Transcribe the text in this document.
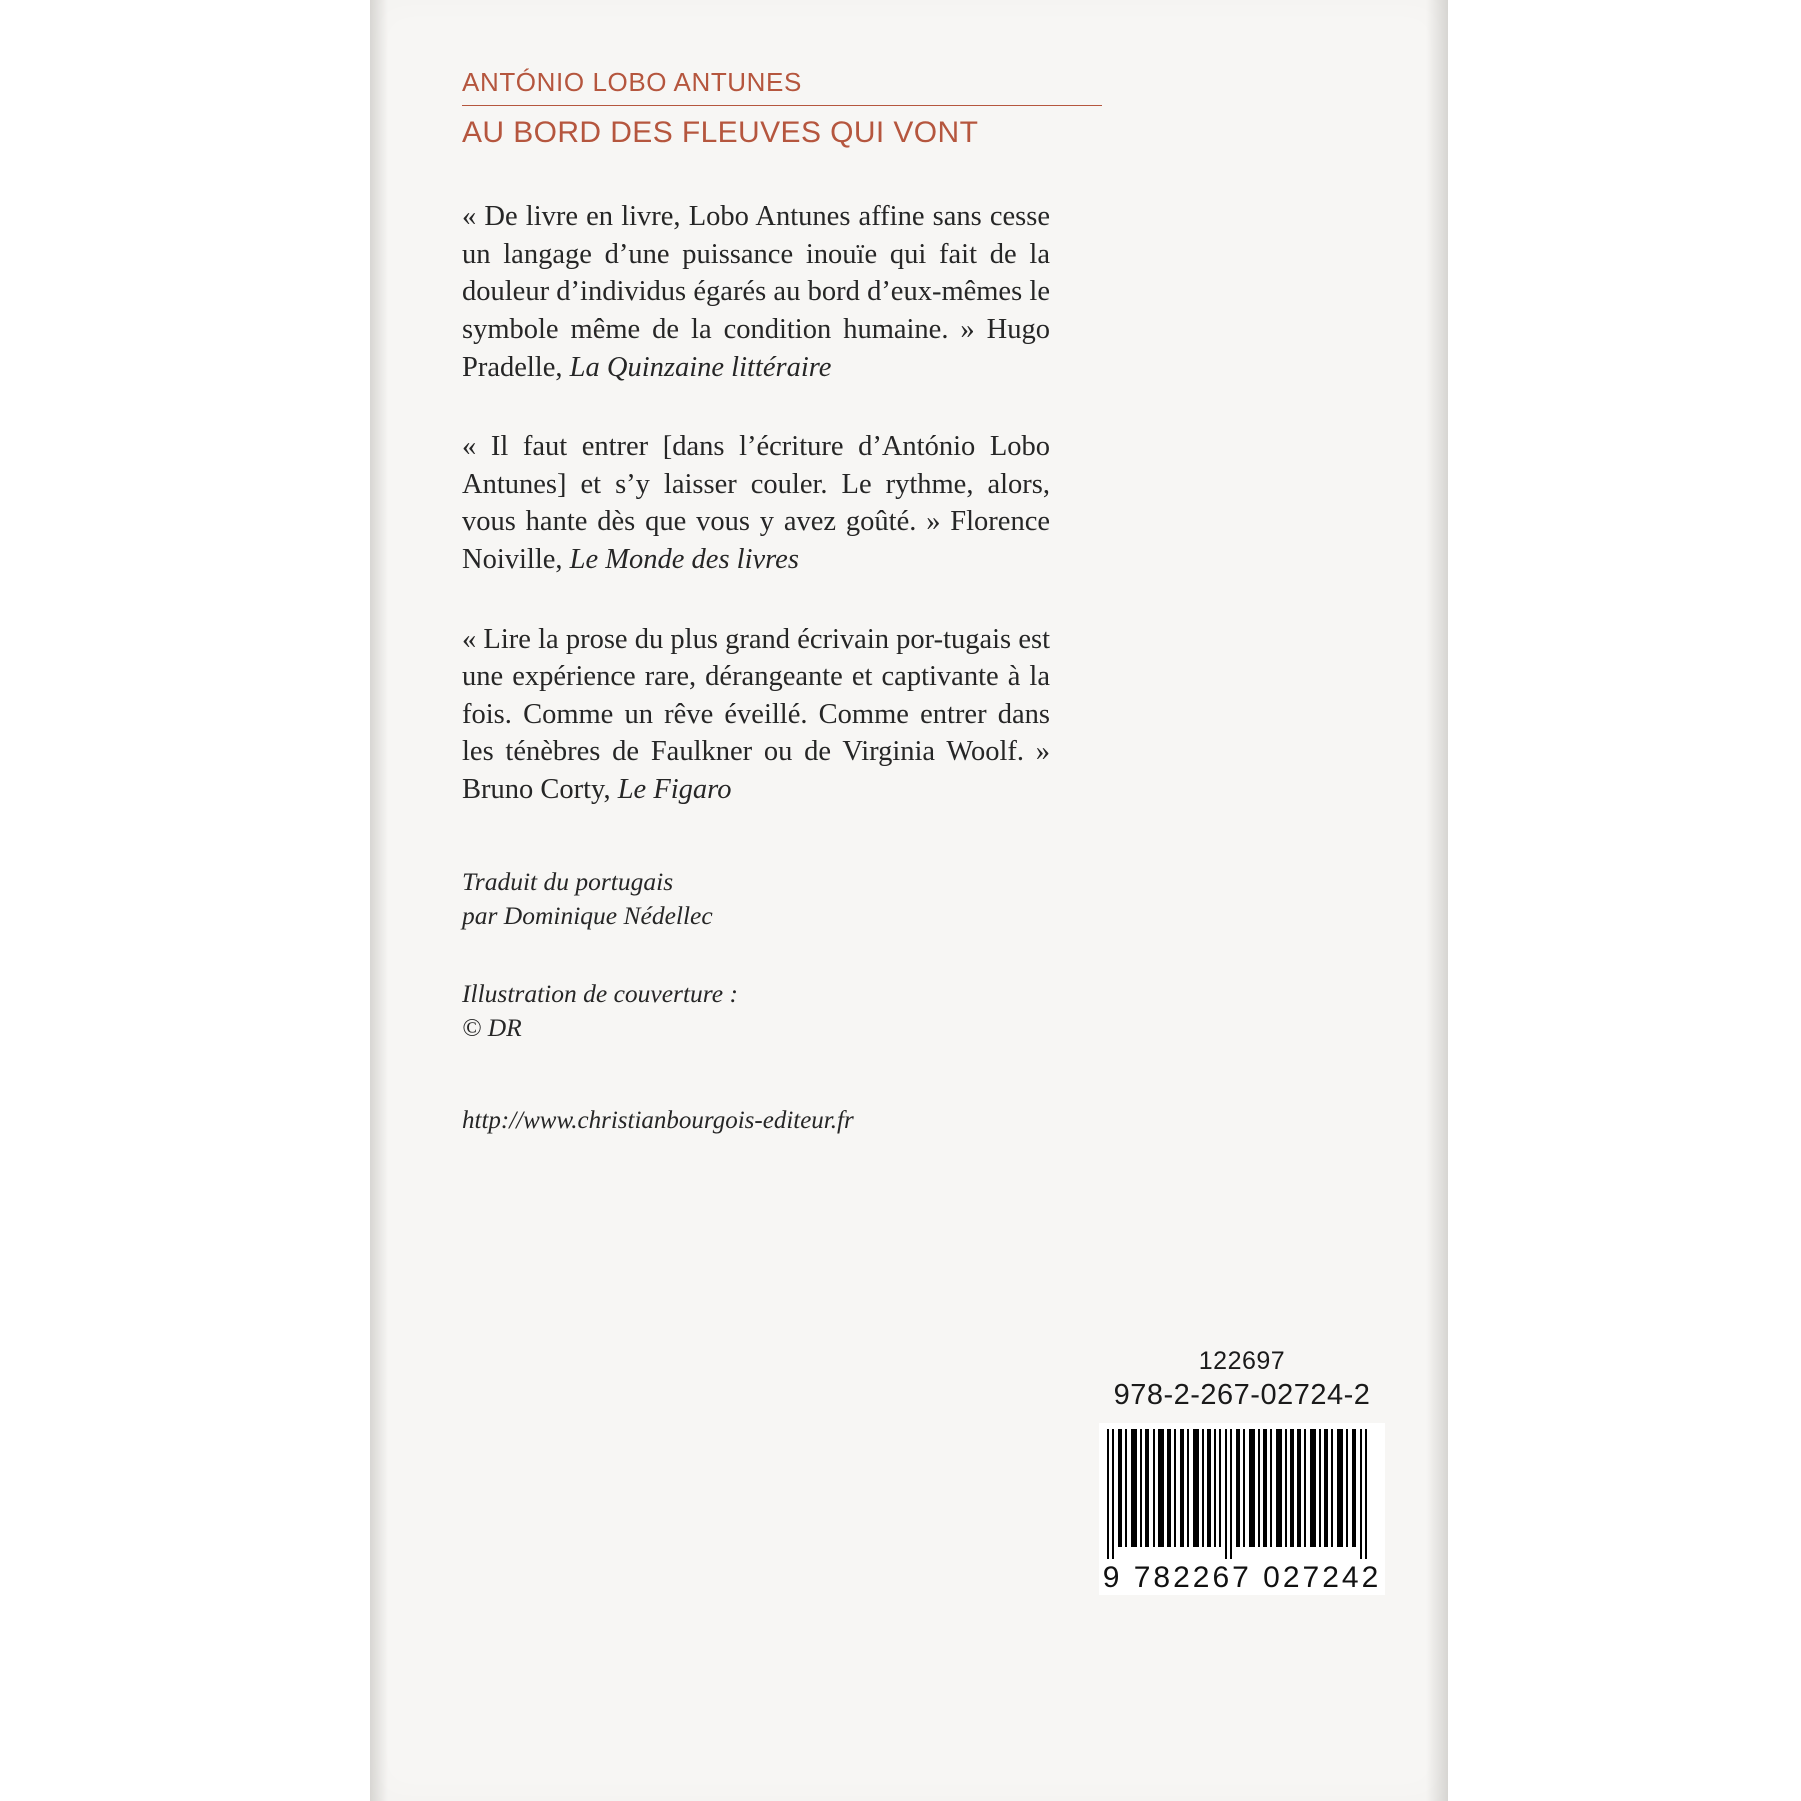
ANTÓNIO LOBO ANTUNES
AU BORD DES FLEUVES QUI VONT

« De livre en livre, Lobo Antunes affine sans cesse un langage d’une puissance inouïe qui fait de la douleur d’individus égarés au bord d’eux-mêmes le symbole même de la condition humaine. » Hugo Pradelle, La Quinzaine littéraire

« Il faut entrer [dans l’écriture d’António Lobo Antunes] et s’y laisser couler. Le rythme, alors, vous hante dès que vous y avez goûté. » Florence Noiville, Le Monde des livres

« Lire la prose du plus grand écrivain por-tugais est une expérience rare, dérangeante et captivante à la fois. Comme un rêve éveillé. Comme entrer dans les ténèbres de Faulkner ou de Virginia Woolf. » Bruno Corty, Le Figaro

Traduit du portugais
par Dominique Nédellec
Illustration de couverture :
© DR
http://www.christianbourgois-editeur.fr
122697
978-2-267-02724-2
9 782267 027242
